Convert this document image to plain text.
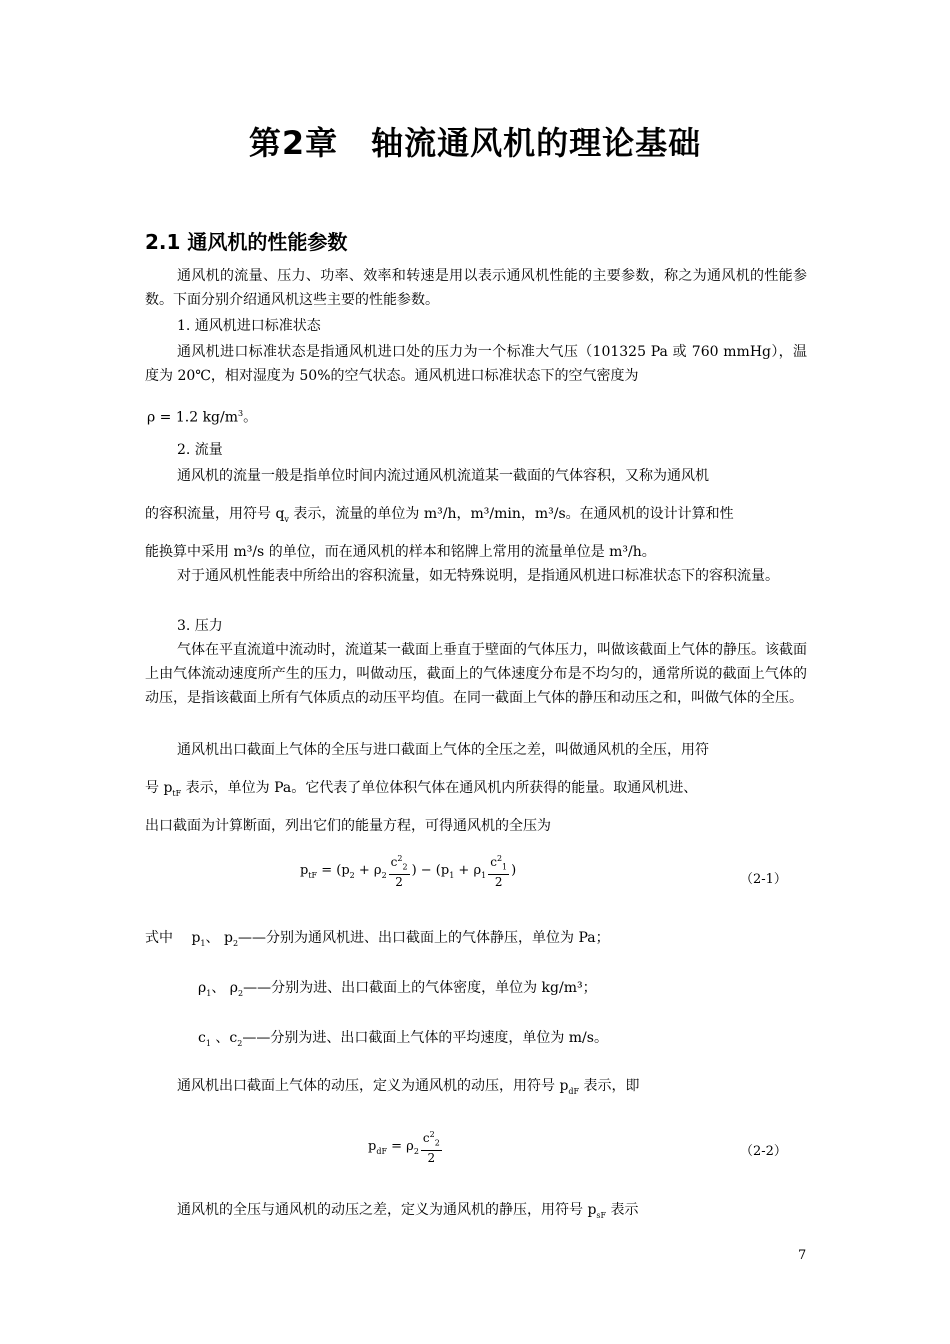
第2章　轴流通风机的理论基础
2.1 通风机的性能参数

通风机的流量、压力、功率、效率和转速是用以表示通风机性能的主要参数，称之为通风机的性能参数。下面分别介绍通风机这些主要的性能参数。

1. 通风机进口标准状态

通风机进口标准状态是指通风机进口处的压力为一个标准大气压（101325 Pa 或 760 mmHg），温度为 20℃，相对湿度为 50%的空气状态。通风机进口标准状态下的空气密度为

ρ = 1.2 $kg/m^3$。
2. 流量
通风机的流量一般是指单位时间内流过通风机流道某一截面的气体容积，又称为通风机
的容积流量，用符号 $q_v$ 表示，流量的单位为 m³/h，m³/min，m³/s。在通风机的设计计算和性
能换算中采用 m³/s 的单位，而在通风机的样本和铭牌上常用的流量单位是 m³/h。

对于通风机性能表中所给出的容积流量，如无特殊说明，是指通风机进口标准状态下的容积流量。

3. 压力

气体在平直流道中流动时，流道某一截面上垂直于壁面的气体压力，叫做该截面上气体的静压。该截面上由气体流动速度所产生的压力，叫做动压，截面上的气体速度分布是不均匀的，通常所说的截面上气体的动压，是指该截面上所有气体质点的动压平均值。在同一截面上气体的静压和动压之和，叫做气体的全压。

通风机出口截面上气体的全压与进口截面上气体的全压之差，叫做通风机的全压，用符
号 $p_{tF}$ 表示，单位为 Pa。它代表了单位体积气体在通风机内所获得的能量。取通风机进、
出口截面为计算断面，列出它们的能量方程，可得通风机的全压为
$p_{tF} = (p_2 + \rho_2 \frac{c^2_2}{2}$ ) − ($p_1 + \rho_1 \frac{c^2_1}{2}$ )
（2-1）
式中　 $p_1$、 $p_2——$分别为通风机进、出口截面上的气体静压，单位为 Pa；
$\rho_1$、 $\rho_2——$分别为进、出口截面上的气体密度，单位为 kg/m³；
$c_1$ 、$c_2——$分别为进、出口截面上气体的平均速度，单位为 m/s。
通风机出口截面上气体的动压，定义为通风机的动压，用符号 $p_{dF}$ 表示，即
$p_{dF} = \rho_2 \frac{c^2_2}{2}$	（2-2）
通风机的全压与通风机的动压之差，定义为通风机的静压，用符号 $p_{sF}$ 表示
7
